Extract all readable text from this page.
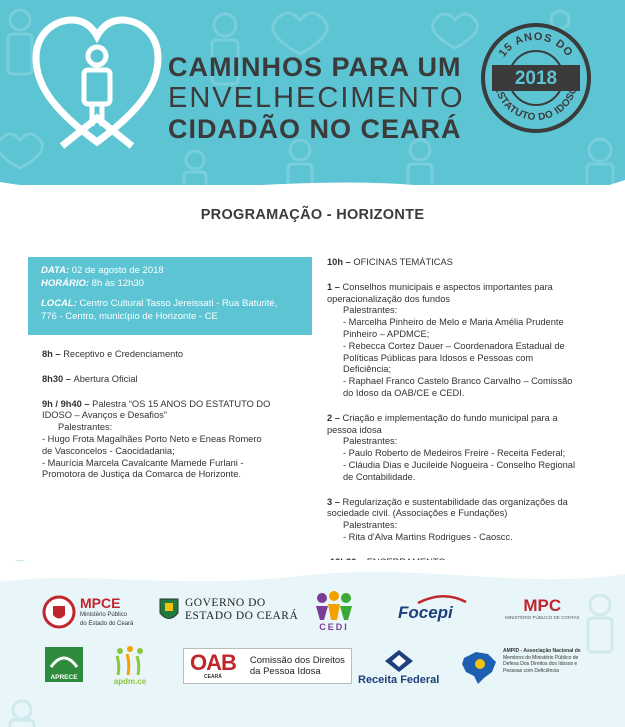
CAMINHOS PARA UM
ENVELHECIMENTO
CIDADÃO NO CEARÁ
2018
15 ANOS DO
ESTATUTO DO IDOSO
PROGRAMAÇÃO - HORIZONTE
DATA: 02 de agosto de 2018
HORÁRIO: 8h às 12h30
LOCAL: Centro Cultural Tasso Jereissati - Rua Baturité,
776 - Centro, município de Horizonte - CE
8h – Receptivo e Credenciamento
8h30 – Abertura Oficial
9h / 9h40 – Palestra “OS 15 ANOS DO ESTATUTO DO
IDOSO – Avanços e Desafios”
Palestrantes:
- Hugo Frota Magalhães Porto Neto e Eneas Romero
de Vasconcelos - Caocidadania;
- Maurícia Marcela Cavalcante Mamede Furlani -
Promotora de Justiça da Comarca de Horizonte.
10h – OFICINAS TEMÁTICAS
1 – Conselhos municipais e aspectos importantes para
operacionalização dos fundos
Palestrantes:
- Marcelha Pinheiro de Melo e Maria Amélia Prudente
Pinheiro – APDMCE;
- Rebecca Cortez Dauer – Coordenadora Estadual de
Políticas Públicas para Idosos e Pessoas com
Deficiência;
- Raphael Franco Castelo Branco Carvalho – Comissão
do Idoso da OAB/CE e CEDI.
2 – Criação e implementação do fundo municipal para a
pessoa idosa
Palestrantes:
- Paulo Roberto de Medeiros Freire - Receita Federal;
- Cláudia Dias e Jucileide Nogueira - Conselho Regional
de Contabilidade.
3 – Regularização e sustentabilidade das organizações da
sociedade civil. (Associações e Fundações)
Palestrantes:
- Rita d'Alva Martins Rodrigues - Caoscc.
MPCE
Ministério Público
do Estado do Ceará
GOVERNO DO
ESTADO DO CEARÁ
CEDI
Focepi	MPC
MINISTÉRIO PÚBLICO DE CONTAS
APRECE	apdm.ce
OAB
CEARÁ
Comissão dos Direitos
da Pessoa Idosa
Receita Federal
AMPID - Associação Nacional de
Membros do Ministério Público de
Defesa Dos Direitos dos Idosos e
Pessoas com Deficiência
